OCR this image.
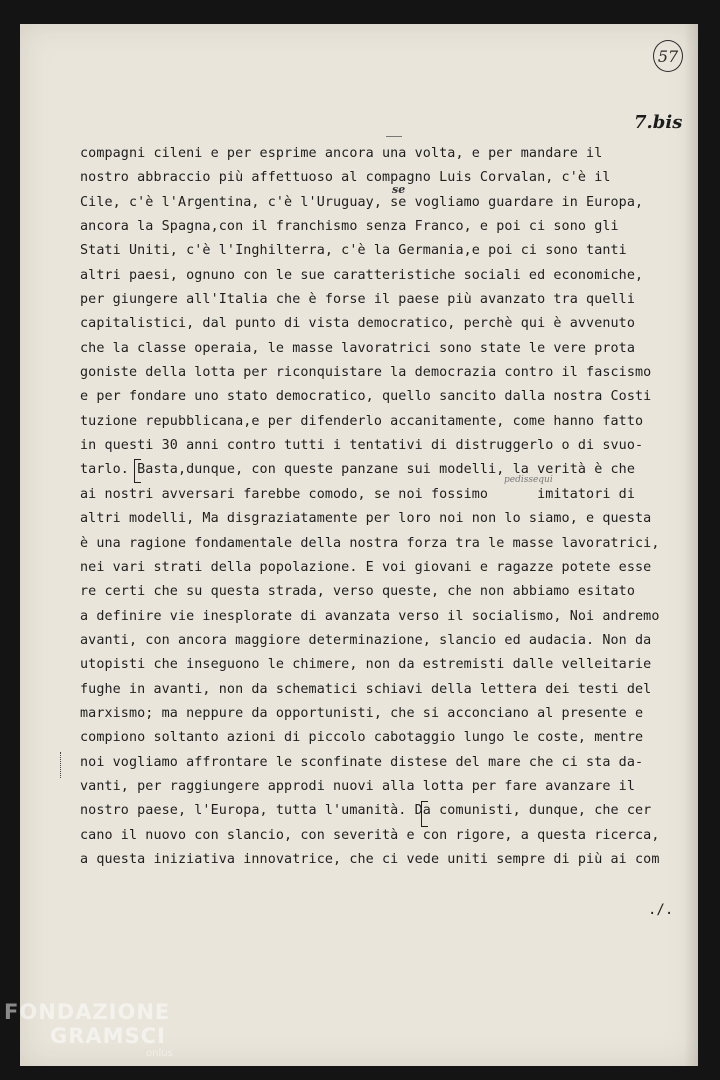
57
7.bis
compagni cileni e per esprime ancora una volta, e per mandare il
nostro abbraccio più affettuoso al compagno Luis Corvalan, c'è il
Cile, c'è l'Argentina, c'è l'Uruguay, se vogliamo guardare in Europa,
ancora la Spagna,con il franchismo senza Franco, e poi ci sono gli
Stati Uniti, c'è l'Inghilterra, c'è la Germania,e poi ci sono tanti
altri paesi, ognuno con le sue caratteristiche sociali ed economiche,
per giungere all'Italia che è forse il paese più avanzato tra quelli
capitalistici, dal punto di vista democratico, perchè qui è avvenuto
che la classe operaia, le masse lavoratrici sono state le vere prota
goniste della lotta per riconquistare la democrazia contro il fascismo
e per fondare uno stato democratico, quello sancito dalla nostra Costi
tuzione repubblicana,e per difenderlo accanitamente, come hanno fatto
in questi 30 anni contro tutti i tentativi di distruggerlo o di svuo-
tarlo. Basta,dunque, con queste panzane sui modelli, la verità è che
ai nostri avversari farebbe comodo, se noi fossimo      imitatori di
altri modelli, Ma disgraziatamente per loro noi non lo siamo, e questa
è una ragione fondamentale della nostra forza tra le masse lavoratrici,
nei vari strati della popolazione. E voi giovani e ragazze potete esse
re certi che su questa strada, verso queste, che non abbiamo esitato
a definire vie inesplorate di avanzata verso il socialismo, Noi andremo
avanti, con ancora maggiore determinazione, slancio ed audacia. Non da
utopisti che inseguono le chimere, non da estremisti dalle velleitarie
fughe in avanti, non da schematici schiavi della lettera dei testi del
marxismo; ma neppure da opportunisti, che si acconciano al presente e
compiono soltanto azioni di piccolo cabotaggio lungo le coste, mentre
noi vogliamo affrontare le sconfinate distese del mare che ci sta da-
vanti, per raggiungere approdi nuovi alla lotta per fare avanzare il
nostro paese, l'Europa, tutta l'umanità. Da comunisti, dunque, che cer
cano il nuovo con slancio, con severità e con rigore, a questa ricerca,
a questa iniziativa innovatrice, che ci vede uniti sempre di più ai com
se
pedissequi
./.
FONDAZIONE
GRAMSCI
onlus
